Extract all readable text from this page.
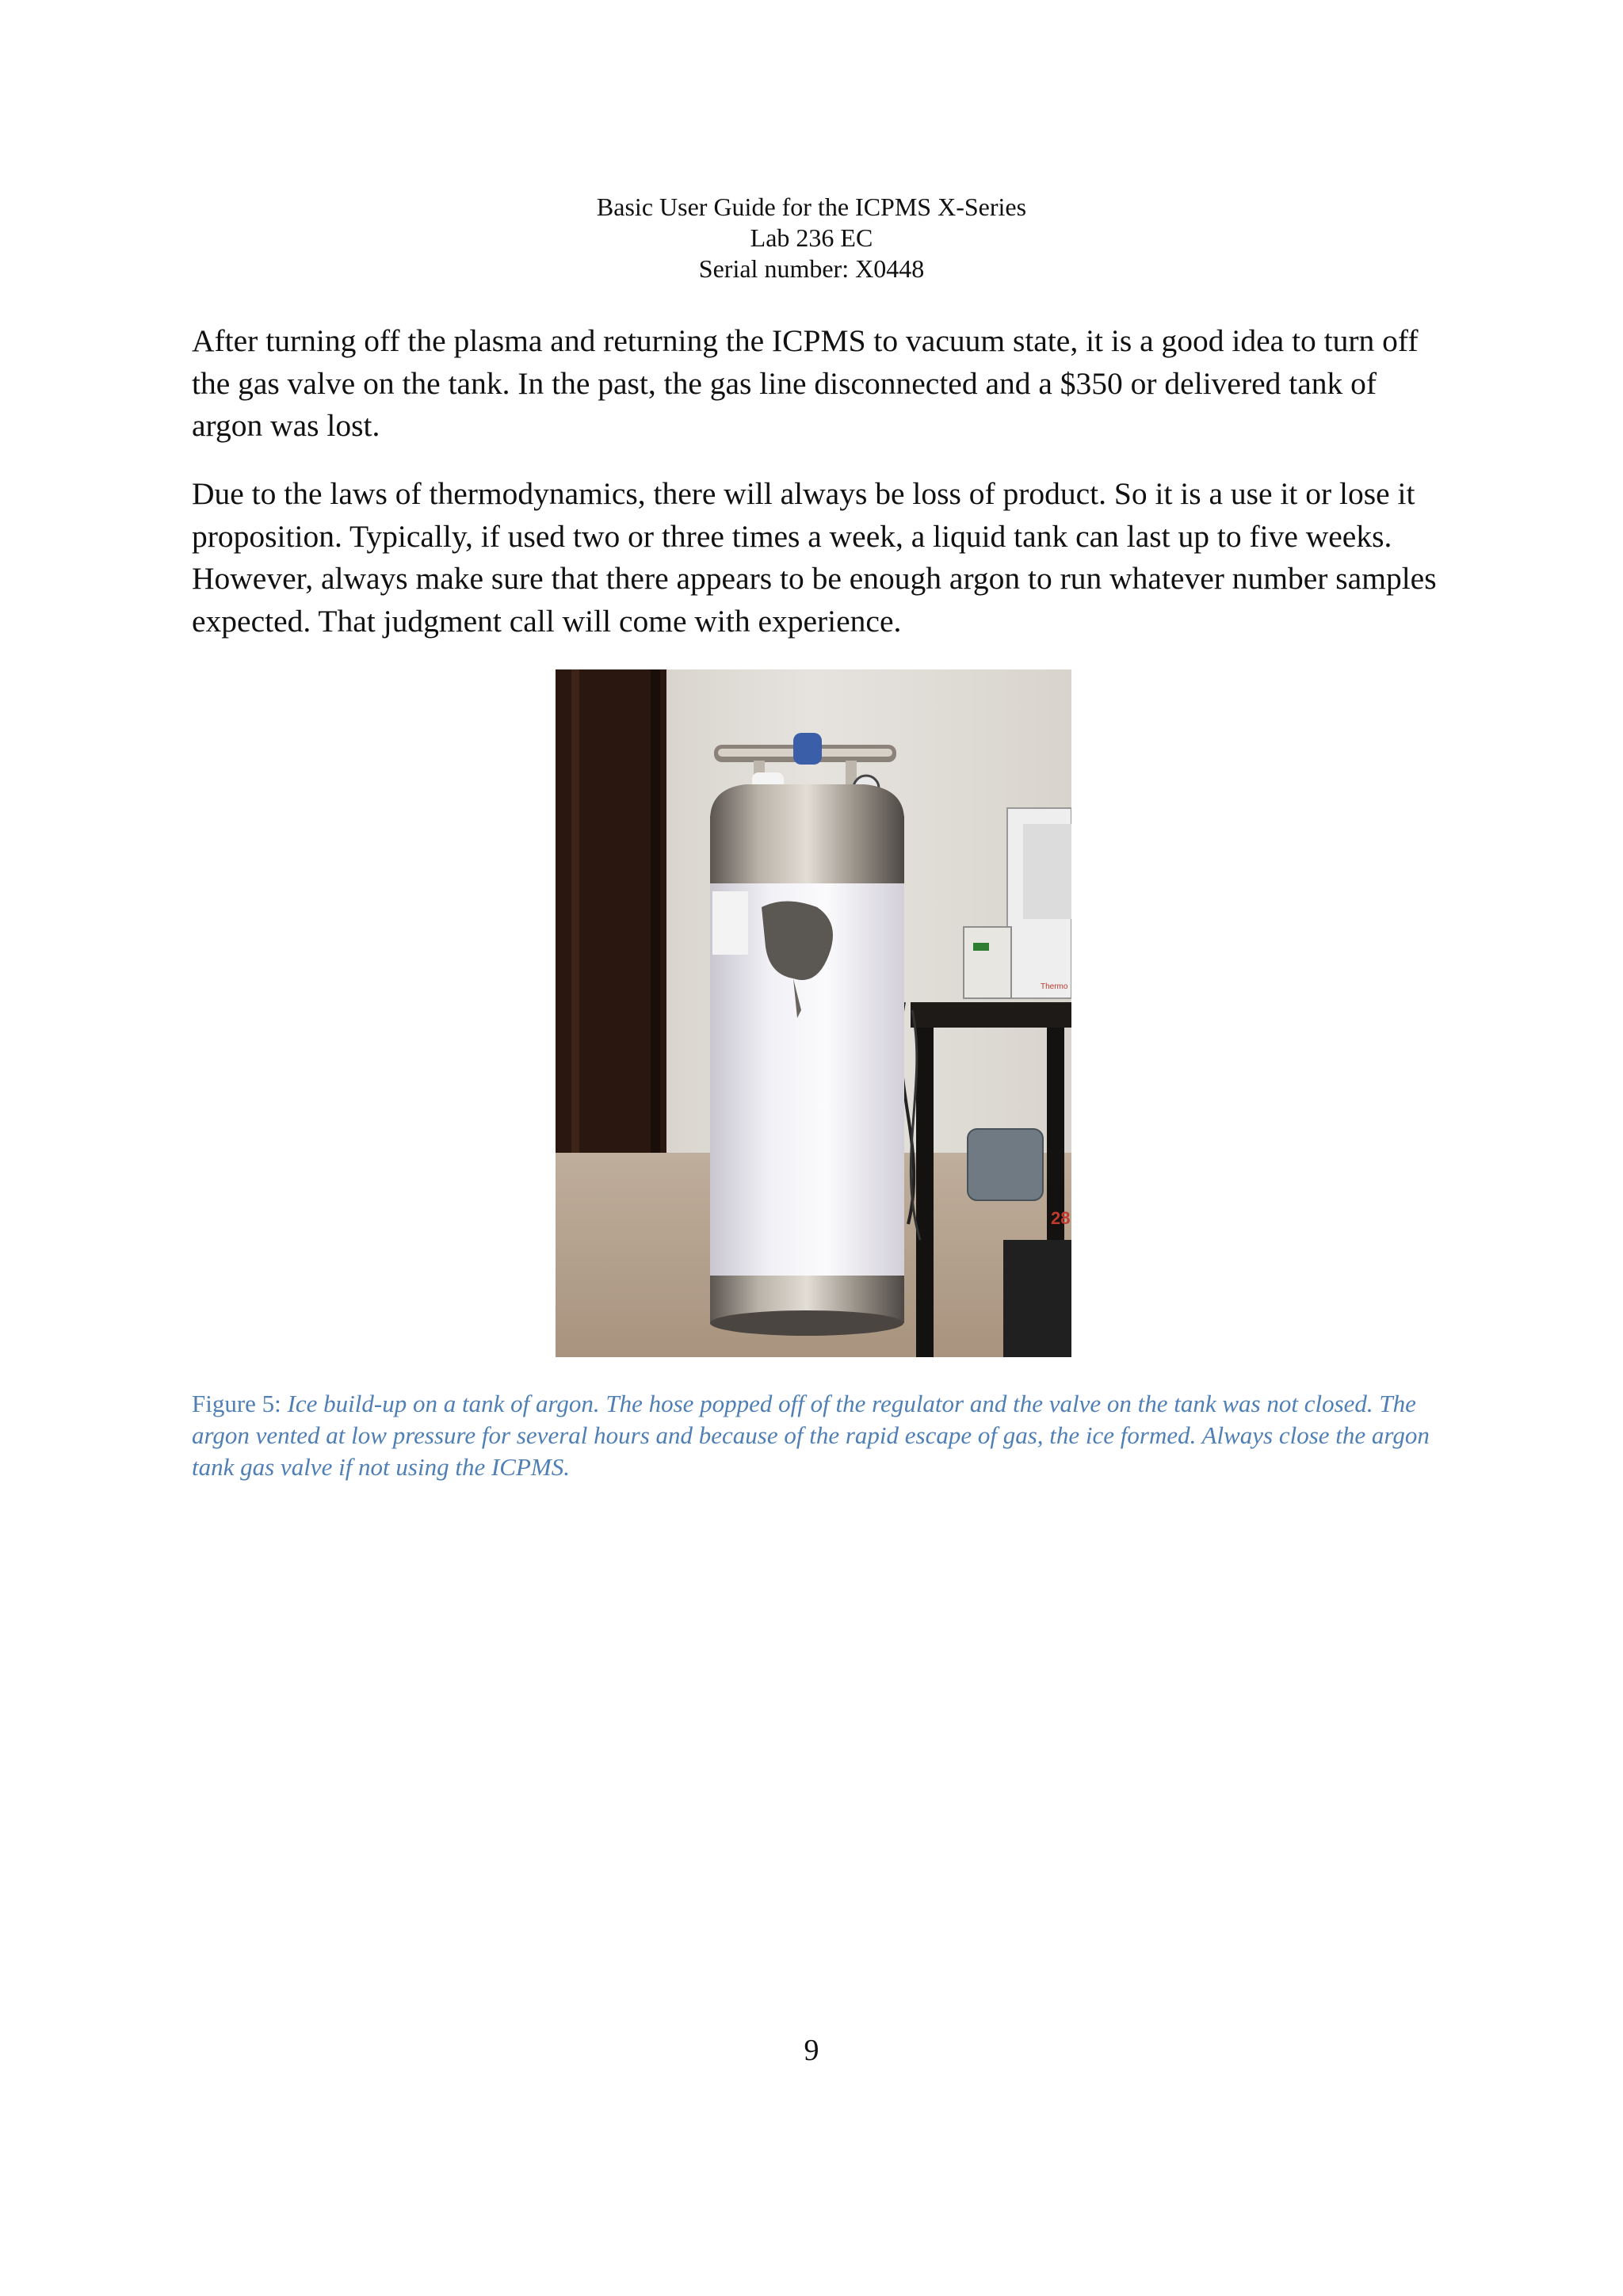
Basic User Guide for the ICPMS X-Series
Lab 236 EC
Serial number: X0448

After turning off the plasma and returning the ICPMS to vacuum state, it is a good idea to turn off the gas valve on the tank. In the past, the gas line disconnected and a $350 or delivered tank of argon was lost.

Due to the laws of thermodynamics, there will always be loss of product. So it is a use it or lose it proposition. Typically, if used two or three times a week, a liquid tank can last up to five weeks. However, always make sure that there appears to be enough argon to run whatever number samples expected. That judgment call will come with experience.

Thermo
28

Figure 5: Ice build-up on a tank of argon. The hose popped off of the regulator and the valve on the tank was not closed. The argon vented at low pressure for several hours and because of the rapid escape of gas, the ice formed. Always close the argon tank gas valve if not using the ICPMS.

9
